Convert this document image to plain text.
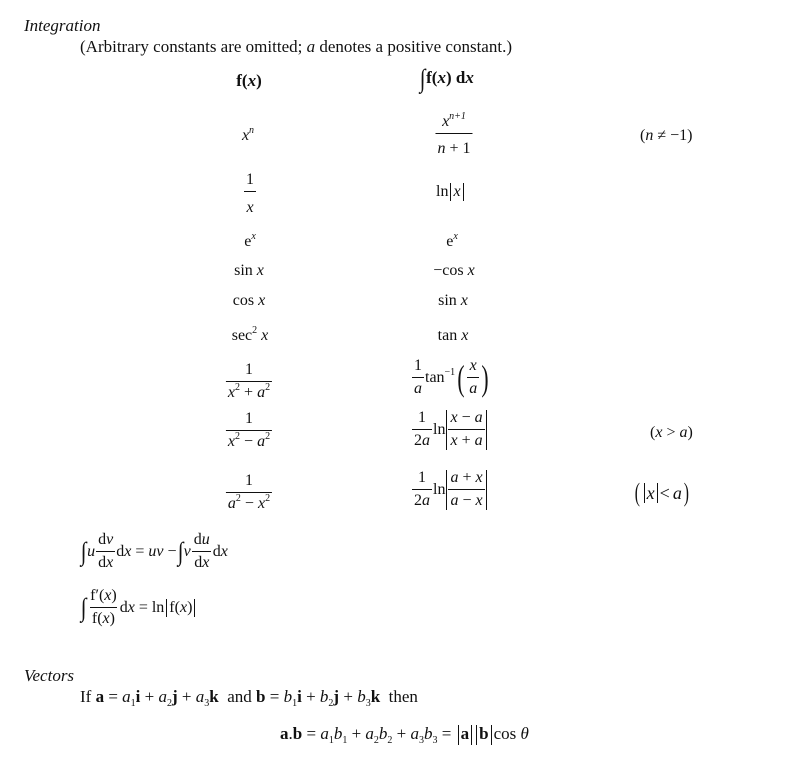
Integration
(Arbitrary constants are omitted; a denotes a positive constant.)
f(x)	∫f(x) dx
$x^n$	$\frac{x^{n+1}}{n + 1}$	(n ≠ −1)
$\frac{1}{x}$	ln x
$e^x$	$e^x$
sin x	−cos x
cos x	sin x
$\sec^2 x$	tan x
$\frac{1}{x^2 + a^2}$	$\frac{1}{a} \tan^{-1}$ ( $\frac{x}{a}$ )
$\frac{1}{x^2 - a^2}$	$\frac{1}{2a}$ $\ln \frac{x - a}{x + a}$	(x > a)
$\frac{1}{a^2 - x^2}$	$\frac{1}{2a}$ $\ln \frac{a + x}{a - x}$	( x < a )
∫ u $\frac{dv}{dx}$ dx = uv − ∫ v $\frac{du}{dx}$ dx
∫ $\frac{f'(x)}{f(x)}$ dx = ln f(x)
Vectors
If $a = a_1i + a_2j + a_3k$ and $b = b_1i + b_2j + b_3k$ then
$a.b = a_1b_1 + a_2b_2 + a_3b_3 = a$ b cos θ
